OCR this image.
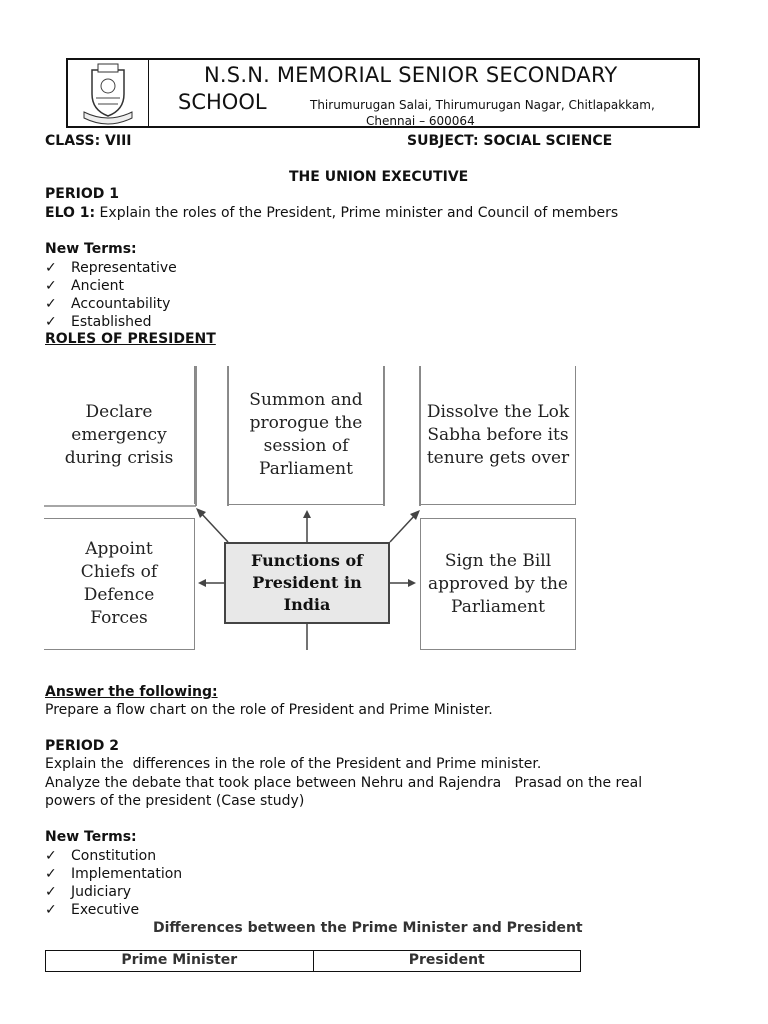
N.S.N. MEMORIAL SENIOR SECONDARY
SCHOOL	Thirumurugan Salai, Thirumurugan Nagar, Chitlapakkam,
Chennai – 600064
CLASS: VIII	SUBJECT: SOCIAL SCIENCE
THE UNION EXECUTIVE
PERIOD 1
ELO 1: Explain the roles of the President, Prime minister and Council of members
New Terms:
✓ Representative
✓ Ancient
✓ Accountability
✓ Established
ROLES OF PRESIDENT
Declare emergency during crisis
Summon and prorogue the session of Parliament
Dissolve the Lok Sabha before its tenure gets over
Appoint Chiefs of Defence Forces
Sign the Bill approved by the Parliament
Functions of President in India
Answer the following:
Prepare a flow chart on the role of President and Prime Minister.
PERIOD 2
Explain the  differences in the role of the President and Prime minister.
Analyze the debate that took place between Nehru and Rajendra   Prasad on the real
powers of the president (Case study)
New Terms:
✓ Constitution
✓ Implementation
✓ Judiciary
✓ Executive
Differences between the Prime Minister and President
Prime Minister	President
